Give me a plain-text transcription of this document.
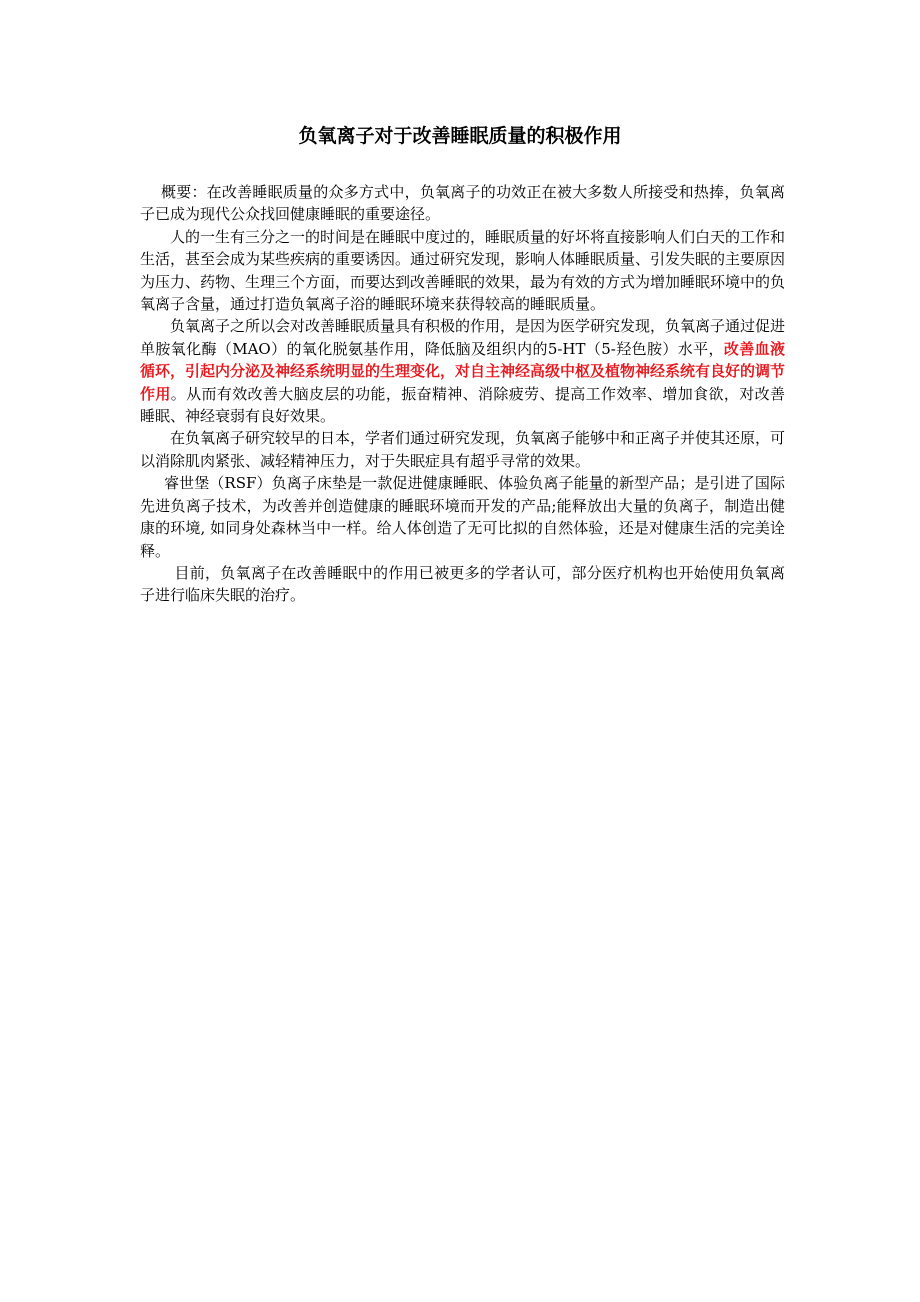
负氧离子对于改善睡眠质量的积极作用

概要：在改善睡眠质量的众多方式中，负氧离子的功效正在被大多数人所接受和热捧，负氧离子已成为现代公众找回健康睡眠的重要途径。

人的一生有三分之一的时间是在睡眠中度过的，睡眠质量的好坏将直接影响人们白天的工作和生活，甚至会成为某些疾病的重要诱因。通过研究发现，影响人体睡眠质量、引发失眠的主要原因为压力、药物、生理三个方面，而要达到改善睡眠的效果，最为有效的方式为增加睡眠环境中的负氧离子含量，通过打造负氧离子浴的睡眠环境来获得较高的睡眠质量。

负氧离子之所以会对改善睡眠质量具有积极的作用，是因为医学研究发现，负氧离子通过促进单胺氧化酶（MAO）的氧化脱氨基作用，降低脑及组织内的5-HT（5-羟色胺）水平，改善血液循环，引起内分泌及神经系统明显的生理变化，对自主神经高级中枢及植物神经系统有良好的调节作用。从而有效改善大脑皮层的功能，振奋精神、消除疲劳、提高工作效率、增加食欲，对改善睡眠、神经衰弱有良好效果。

在负氧离子研究较早的日本，学者们通过研究发现，负氧离子能够中和正离子并使其还原，可以消除肌肉紧张、减轻精神压力，对于失眠症具有超乎寻常的效果。

睿世堡（RSF）负离子床垫是一款促进健康睡眠、体验负离子能量的新型产品；是引进了国际先进负离子技术，为改善并创造健康的睡眠环境而开发的产品;能释放出大量的负离子，制造出健康的环境, 如同身处森林当中一样。给人体创造了无可比拟的自然体验，还是对健康生活的完美诠释。

目前，负氧离子在改善睡眠中的作用已被更多的学者认可，部分医疗机构也开始使用负氧离子进行临床失眠的治疗。
